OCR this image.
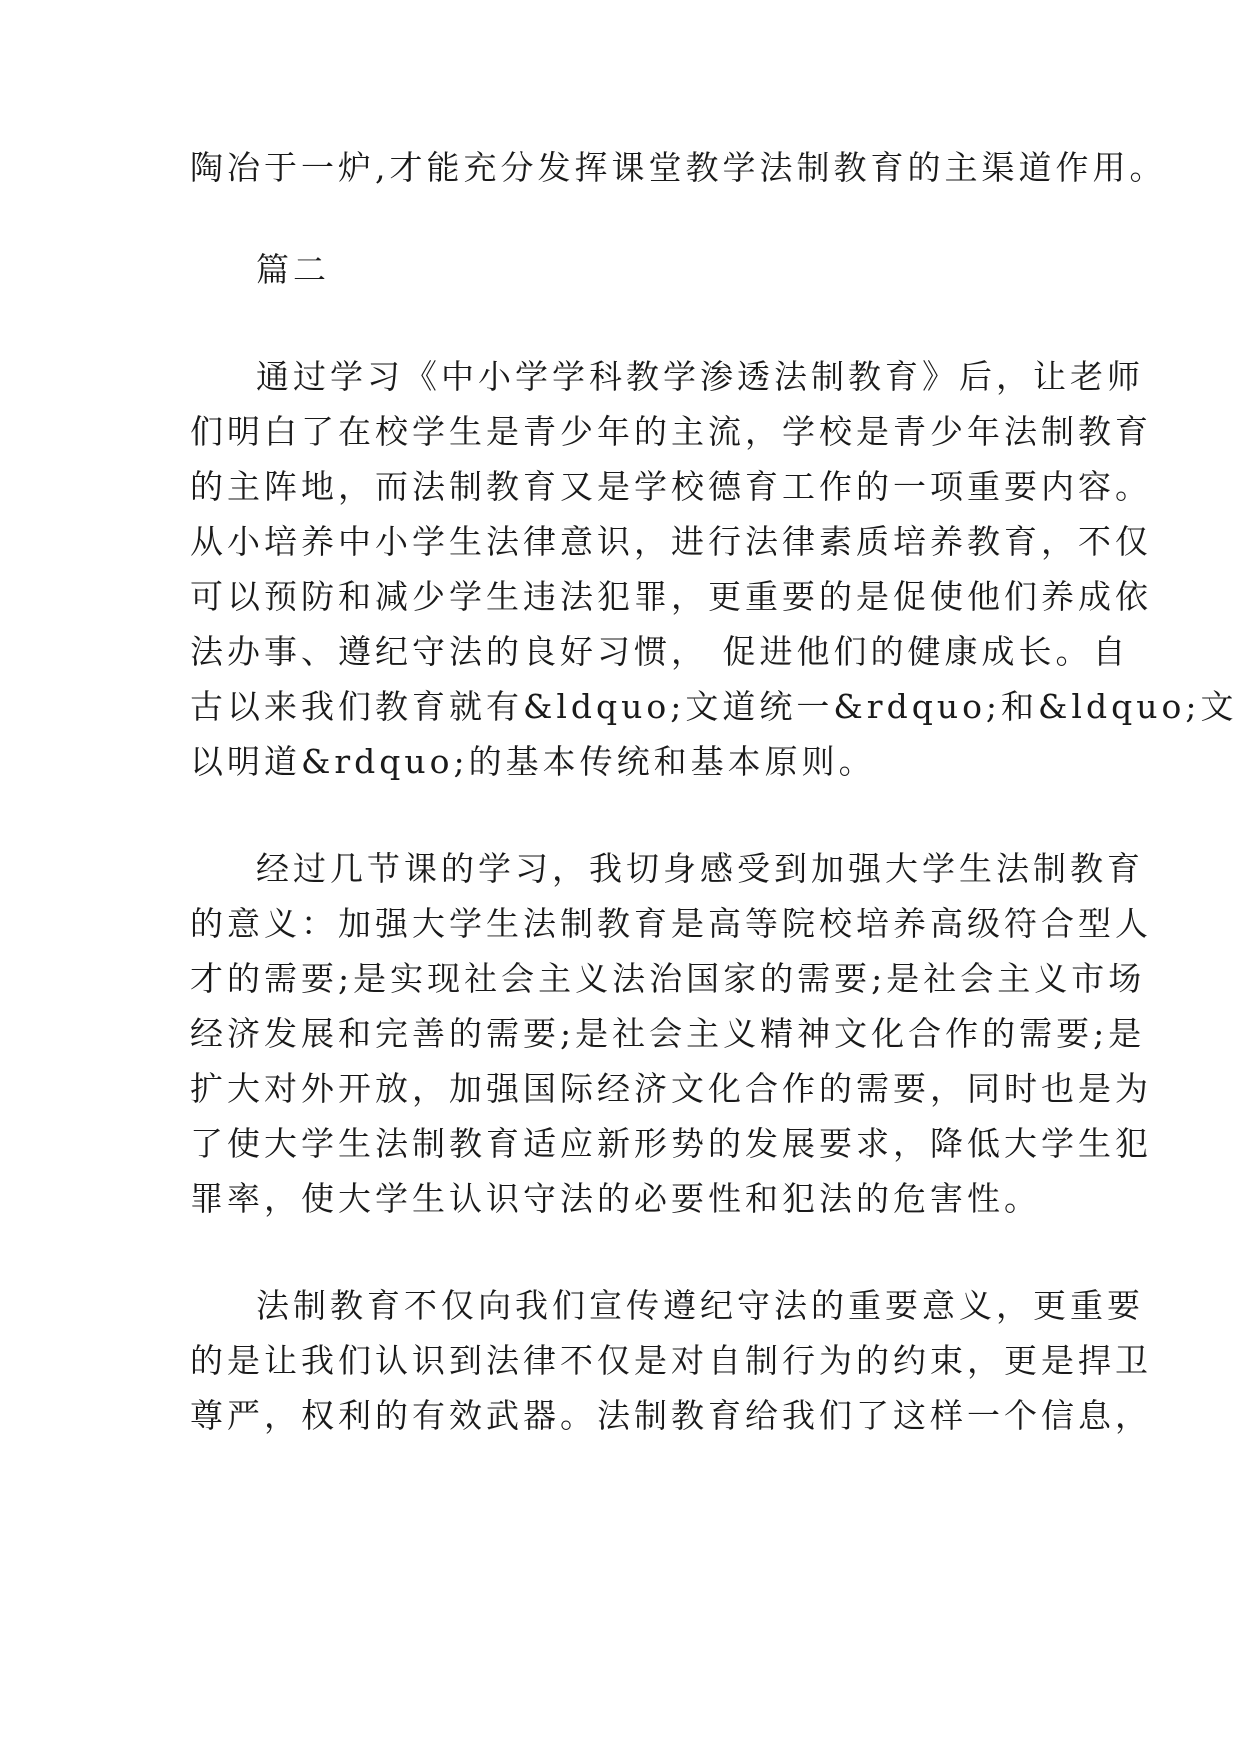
陶冶于一炉,才能充分发挥课堂教学法制教育的主渠道作用。
篇二
通过学习《中小学学科教学渗透法制教育》后，让老师
们明白了在校学生是青少年的主流，学校是青少年法制教育
的主阵地，而法制教育又是学校德育工作的一项重要内容。
从小培养中小学生法律意识，进行法律素质培养教育，不仅
可以预防和减少学生违法犯罪，更重要的是促使他们养成依
法办事、遵纪守法的良好习惯， 促进他们的健康成长。自
古以来我们教育就有&ldquo;文道统一&rdquo;和&ldquo;文
以明道&rdquo;的基本传统和基本原则。
经过几节课的学习，我切身感受到加强大学生法制教育
的意义：加强大学生法制教育是高等院校培养高级符合型人
才的需要;是实现社会主义法治国家的需要;是社会主义市场
经济发展和完善的需要;是社会主义精神文化合作的需要;是
扩大对外开放，加强国际经济文化合作的需要，同时也是为
了使大学生法制教育适应新形势的发展要求，降低大学生犯
罪率，使大学生认识守法的必要性和犯法的危害性。
法制教育不仅向我们宣传遵纪守法的重要意义，更重要
的是让我们认识到法律不仅是对自制行为的约束，更是捍卫
尊严，权利的有效武器。法制教育给我们了这样一个信息，
